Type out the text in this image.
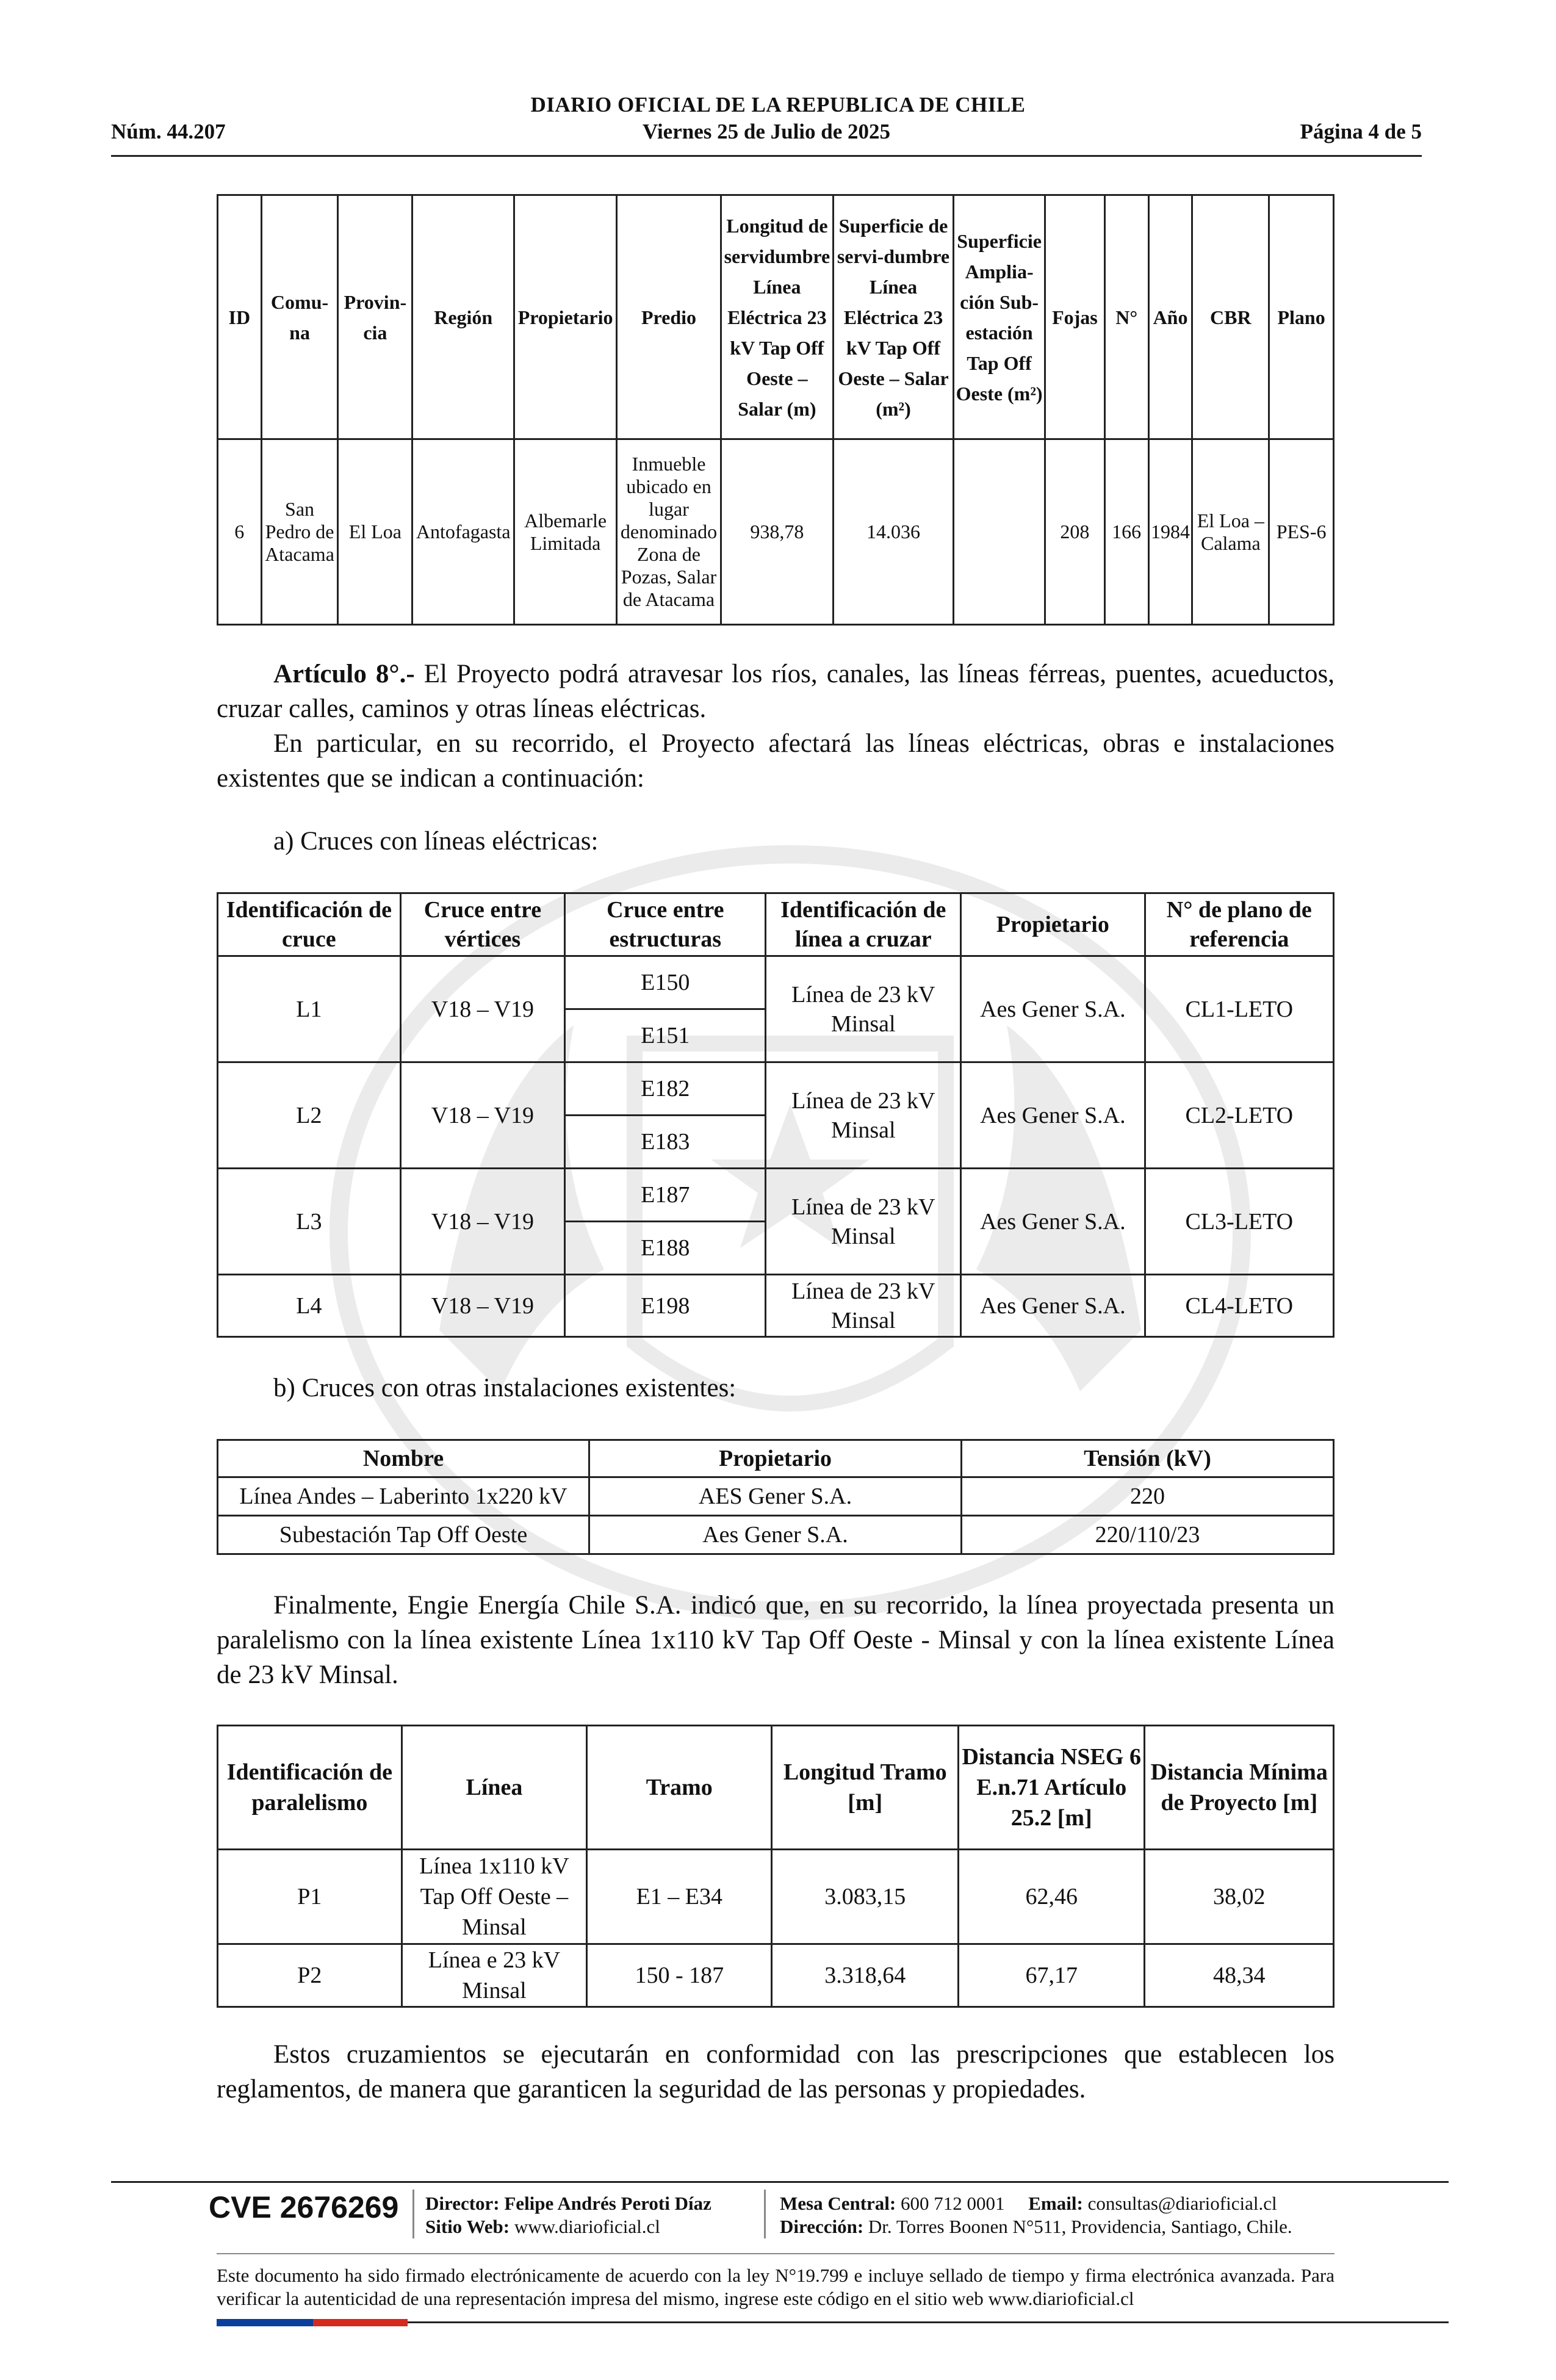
DIARIO OFICIAL DE LA REPUBLICA DE CHILE
Núm. 44.207	Viernes 25 de Julio de 2025	Página 4 de 5
ID	Comu-na	Provin-cia	Región	Propietario	Predio	Longitud de servidumbre Línea Eléctrica 23 kV Tap Off Oeste – Salar (m)	Superficie de servi-dumbre Línea Eléctrica 23 kV Tap Off Oeste – Salar (m²)	Superficie Amplia-ción Sub-estación Tap Off Oeste (m²)	Fojas	N°	Año	CBR	Plano
6	San Pedro de Atacama	El Loa	Antofagasta	Albemarle Limitada	Inmueble ubicado en lugar denominado Zona de Pozas, Salar de Atacama	938,78	14.036		208	166	1984	El Loa – Calama	PES-6
Artículo 8°.- El Proyecto podrá atravesar los ríos, canales, las líneas férreas, puentes, acueductos, cruzar calles, caminos y otras líneas eléctricas.
En particular, en su recorrido, el Proyecto afectará las líneas eléctricas, obras e instalaciones existentes que se indican a continuación:
a) Cruces con líneas eléctricas:
Identificación de cruce	Cruce entre vértices	Cruce entre estructuras	Identificación de línea a cruzar	Propietario	N° de plano de referencia
L1	V18 – V19	E150	Línea de 23 kV Minsal	Aes Gener S.A.	CL1-LETO
		E151			
L2	V18 – V19	E182	Línea de 23 kV Minsal	Aes Gener S.A.	CL2-LETO
		E183			
L3	V18 – V19	E187	Línea de 23 kV Minsal	Aes Gener S.A.	CL3-LETO
		E188			
L4	V18 – V19	E198	Línea de 23 kV Minsal	Aes Gener S.A.	CL4-LETO
b) Cruces con otras instalaciones existentes:
Nombre	Propietario	Tensión (kV)
Línea Andes – Laberinto 1x220 kV	AES Gener S.A.	220
Subestación Tap Off Oeste	Aes Gener S.A.	220/110/23
Finalmente, Engie Energía Chile S.A. indicó que, en su recorrido, la línea proyectada presenta un paralelismo con la línea existente Línea 1x110 kV Tap Off Oeste - Minsal y con la línea existente Línea de 23 kV Minsal.
Identificación de paralelismo	Línea	Tramo	Longitud Tramo [m]	Distancia NSEG 6 E.n.71 Artículo 25.2 [m]	Distancia Mínima de Proyecto [m]
P1	Línea 1x110 kV Tap Off Oeste – Minsal	E1 – E34	3.083,15	62,46	38,02
P2	Línea e 23 kV Minsal	150 - 187	3.318,64	67,17	48,34
Estos cruzamientos se ejecutarán en conformidad con las prescripciones que establecen los reglamentos, de manera que garanticen la seguridad de las personas y propiedades.
CVE 2676269 Director: Felipe Andrés Peroti Díaz
Sitio Web: www.diarioficial.cl
Mesa Central: 600 712 0001 Email: consultas@diarioficial.cl
Dirección: Dr. Torres Boonen N°511, Providencia, Santiago, Chile.
Este documento ha sido firmado electrónicamente de acuerdo con la ley N°19.799 e incluye sellado de tiempo y firma electrónica avanzada. Para verificar la autenticidad de una representación impresa del mismo, ingrese este código en el sitio web www.diarioficial.cl
